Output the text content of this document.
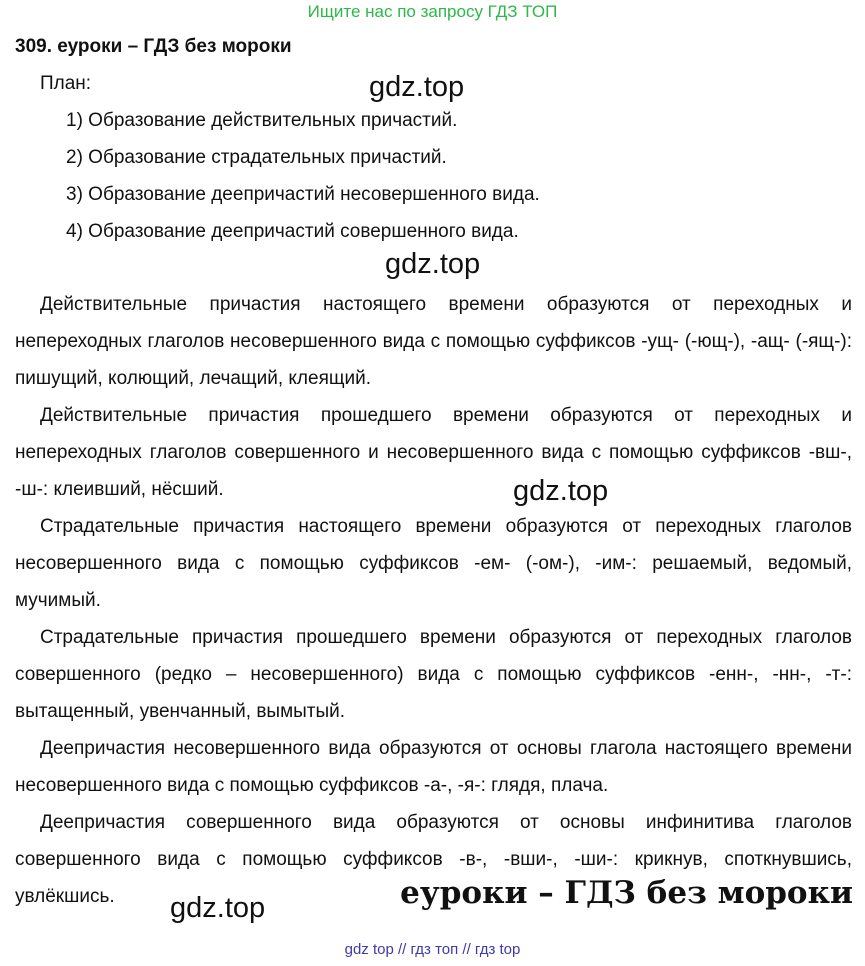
Ищите нас по запросу ГДЗ ТОП
309. еуроки – ГДЗ без мороки
План:
1) Образование действительных причастий.
2) Образование страдательных причастий.
3) Образование деепричастий несовершенного вида.
4) Образование деепричастий совершенного вида.
gdz.top
gdz.top

Действительные причастия настоящего времени образуются от переходных и непереходных глаголов несовершенного вида с помощью суффиксов -ущ- (-ющ-), -ащ- (-ящ-): пишущий, колющий, лечащий, клеящий.

Действительные причастия прошедшего времени образуются от переходных и непереходных глаголов совершенного и несовершенного вида с помощью суффиксов -вш-, -ш-: клеивший, нёсший.

Страдательные причастия настоящего времени образуются от переходных глаголов несовершенного вида с помощью суффиксов -ем- (-ом-), -им-: решаемый, ведомый, мучимый.

Страдательные причастия прошедшего времени образуются от переходных глаголов совершенного (редко – несовершенного) вида с помощью суффиксов -енн-, -нн-, -т-: вытащенный, увенчанный, вымытый.

Деепричастия несовершенного вида образуются от основы глагола настоящего времени несовершенного вида с помощью суффиксов -а-, -я-: глядя, плача.

Деепричастия совершенного вида образуются от основы инфинитива глаголов совершенного вида с помощью суффиксов -в-, -вши-, -ши-: крикнув, споткнувшись, увлёкшись.

gdz.top
gdz.top	еуроки – ГДЗ без мороки
gdz top // гдз топ // гдз top
